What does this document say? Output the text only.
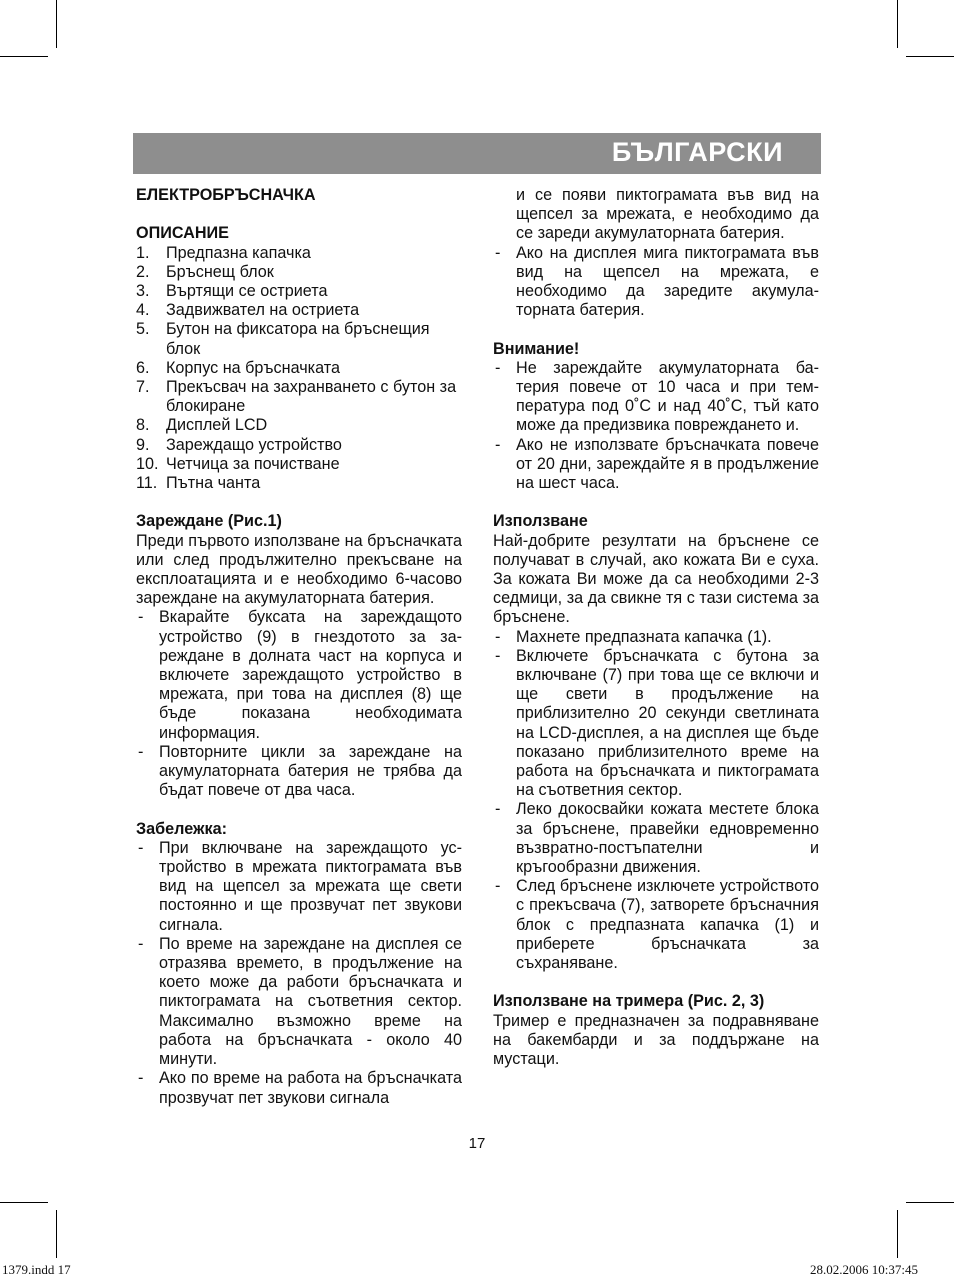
БЪЛГАРСКИ
ЕЛЕКТРОБРЪСНАЧКА
ОПИСАНИЕ
1.	Предпазна капачка
2.	Бръснещ блок
3.	Въртящи се остриета
4.	Задвижвател на остриета
5.	Бутон на фиксатора на бръснещия блок
6.	Корпус на бръсначката
7.	Прекъсвач на захранването с бутон за блокиране
8.	Дисплей LCD
9.	Зареждащо устройство
10. Четчица за почистване
11. Пътна чанта
Зареждане (Рис.1)
Преди първото използване на бръсначката или след продължително прекъсване на експлоатацията и е необходимо 6-часово зареждане на акумулаторната батерия.
- Вкарайте буксата на зареждащото устройство (9) в гнездотото за зареждане в долната част на корпуса и включете зареждащото устройство в мрежата, при това на дисплея (8) ще бъде показана необходимата информация.
- Повторните цикли за зареждане на акумулаторната батерия не трябва да бъдат повече от два часа.
Забележка:
- При включване на зареждащото устройство в мрежата пиктограмата във вид на щепсел за мрежата ще свети постоянно и ще прозвучат пет звукови сигнала.
- По време на зареждане на дисплея се отразява времето, в продължение на което може да работи бръсначката и пиктограмата на съответния сектор. Максимално възможно време на работа на бръсначката - около 40 минути.
- Ако по време на работа на бръсначката прозвучат пет звукови сигнала
и се появи пиктограмата във вид на щепсел за мрежата, е необходимо да се зареди акумулаторната батерия.
- Ако на дисплея мига пиктограмата във вид на щепсел на мрежата, е необходимо да заредите акумулаторната батерия.
Внимание!
- Не зареждайте акумулаторната батерия повече от 10 часа и при температура под 0˚C и над 40˚C, тъй като може да предизвика повреждането и.
- Ако не използвате бръсначката повече от 20 дни, зареждайте я в продължение на шест часа.
Използване
Най-добрите резултати на бръснене се получават в случай, ако кожата Ви е суха. За кожата Ви може да са необходими 2-3 седмици, за да свикне тя с тази система за бръснене.
- Махнете предпазната капачка (1).
- Включете бръсначката с бутона за включване (7) при това ще се включи и ще свети в продължение на приблизително 20 секунди светлината на LCD-дисплея, а на дисплея ще бъде показано приблизителното време на работа на бръсначката и пиктограмата на съответния сектор.
- Леко докосвайки кожата местете блока за бръснене, правейки едновременно възвратно-постъпателни и кръгообразни движения.
- След бръснене изключете устройството с прекъсвача (7), затворете бръсначния блок с предпазната капачка (1) и приберете бръсначката за съхраняване.
Използване на тримера (Рис. 2, 3)
Тример е предназначен за подравняване на бакембарди и за поддържане на мустаци.
17
1379.indd 17	28.02.2006 10:37:45
